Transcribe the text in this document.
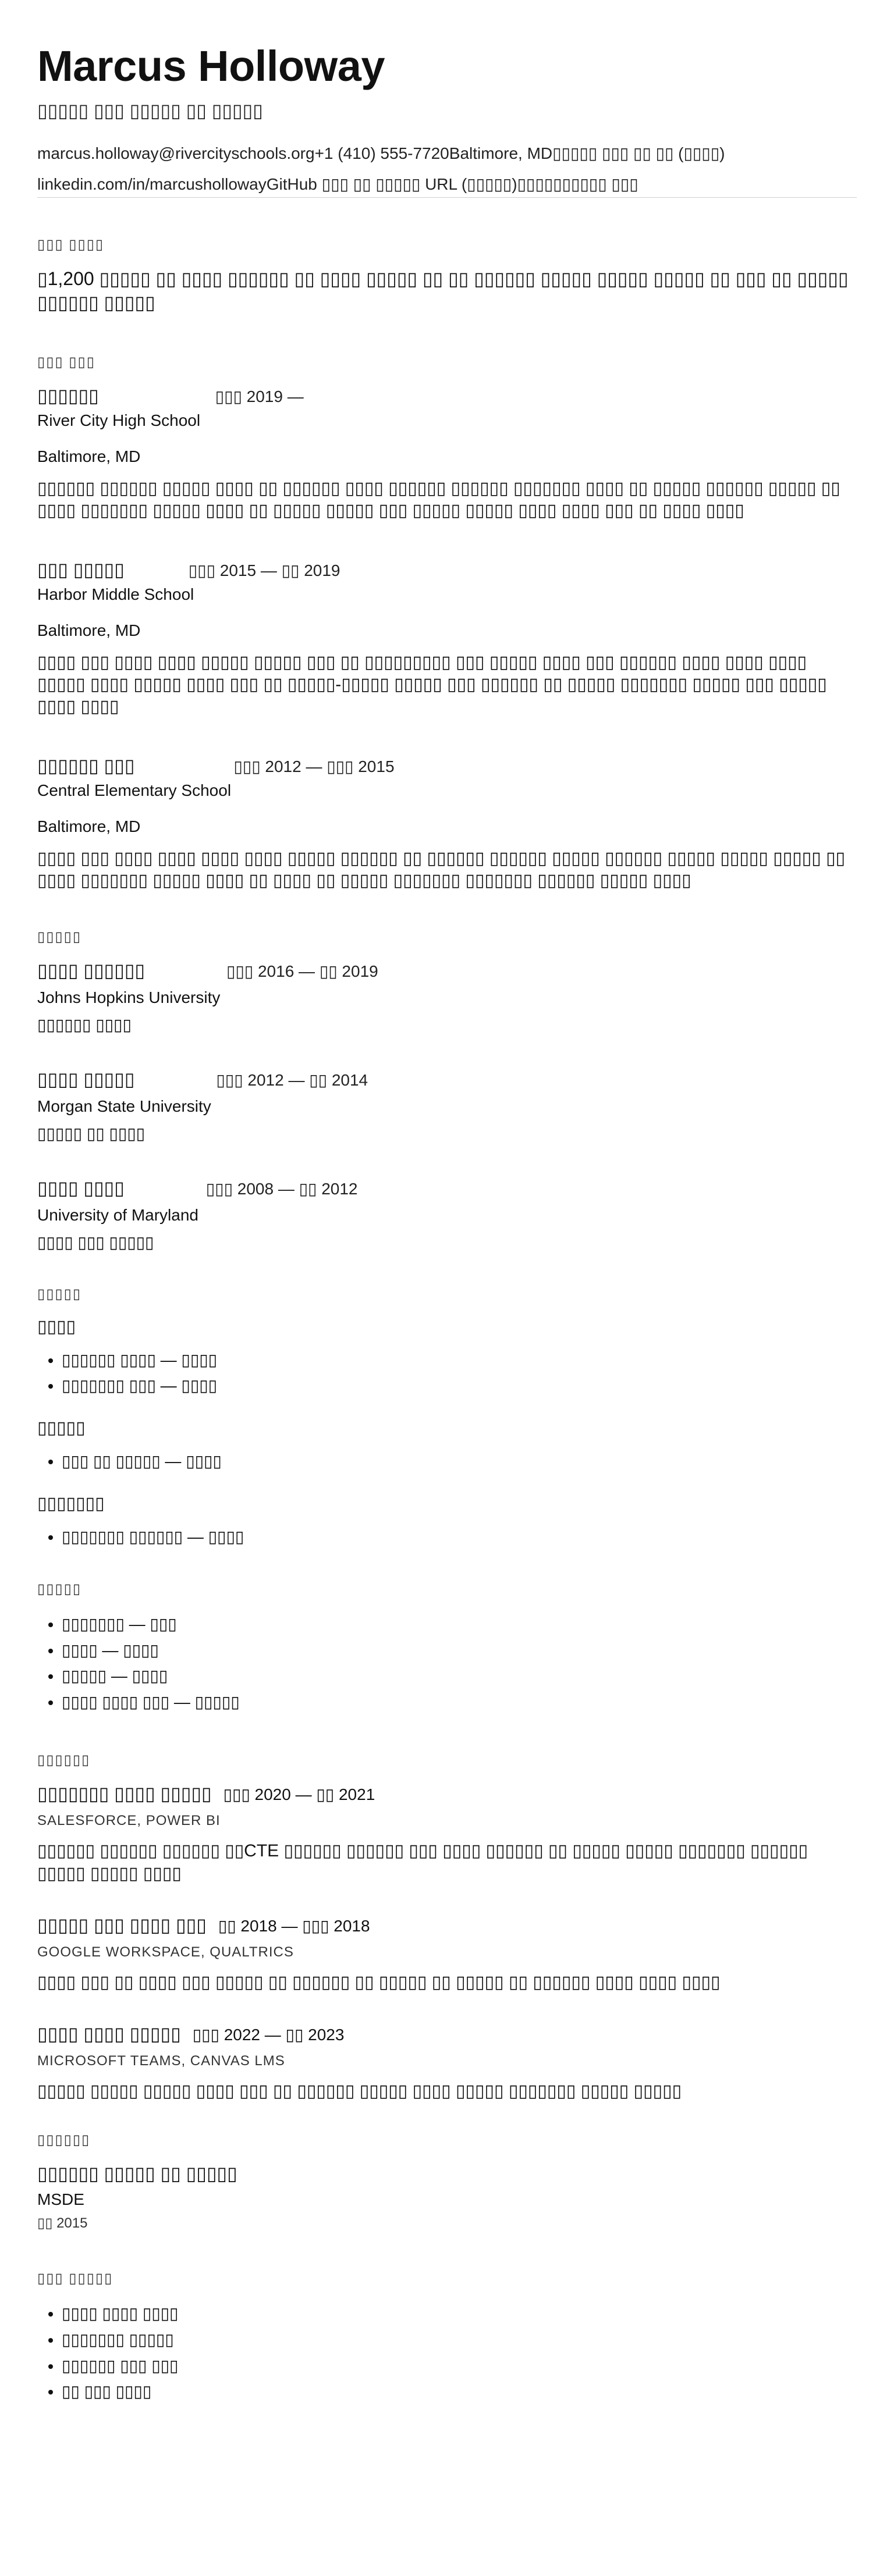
Marcus Holloway
▯▯▯▯▯ ▯▯▯ ▯▯▯▯▯ ▯▯ ▯▯▯▯▯
marcus.holloway@rivercityschools.org+1 (410) 555-7720Baltimore, MD▯▯▯▯▯ ▯▯▯ ▯▯ ▯▯ (▯▯▯▯)
linkedin.com/in/marcushollowayGitHub ▯▯▯ ▯▯ ▯▯▯▯▯ URL (▯▯▯▯▯)▯▯▯▯▯▯▯▯▯▯ ▯▯▯
▯▯▯ ▯▯▯▯
▯1,200 ▯▯▯▯▯ ▯▯ ▯▯▯▯ ▯▯▯▯▯▯ ▯▯ ▯▯▯▯ ▯▯▯▯▯ ▯▯ ▯▯ ▯▯▯▯▯▯ ▯▯▯▯▯ ▯▯▯▯▯ ▯▯▯▯▯ ▯▯ ▯▯▯ ▯▯ ▯▯▯▯▯ ▯▯▯▯▯▯ ▯▯▯▯▯
▯▯▯ ▯▯▯
▯▯▯▯▯▯	▯▯▯ 2019 —
River City High School
Baltimore, MD
▯▯▯▯▯▯ ▯▯▯▯▯▯ ▯▯▯▯▯ ▯▯▯▯ ▯▯ ▯▯▯▯▯▯ ▯▯▯▯ ▯▯▯▯▯▯ ▯▯▯▯▯▯ ▯▯▯▯▯▯▯ ▯▯▯▯ ▯▯ ▯▯▯▯▯ ▯▯▯▯▯▯ ▯▯▯▯▯ ▯▯ ▯▯▯▯ ▯▯▯▯▯▯▯ ▯▯▯▯▯ ▯▯▯▯ ▯▯ ▯▯▯▯▯ ▯▯▯▯▯ ▯▯▯ ▯▯▯▯▯ ▯▯▯▯▯ ▯▯▯▯ ▯▯▯▯ ▯▯▯ ▯▯ ▯▯▯▯ ▯▯▯▯
▯▯▯ ▯▯▯▯▯	▯▯▯ 2015 — ▯▯ 2019
Harbor Middle School
Baltimore, MD
▯▯▯▯ ▯▯▯ ▯▯▯▯ ▯▯▯▯ ▯▯▯▯▯ ▯▯▯▯▯ ▯▯▯ ▯▯ ▯▯▯▯▯▯▯▯▯ ▯▯▯ ▯▯▯▯▯ ▯▯▯▯ ▯▯▯ ▯▯▯▯▯▯ ▯▯▯▯ ▯▯▯▯ ▯▯▯▯ ▯▯▯▯▯ ▯▯▯▯ ▯▯▯▯▯ ▯▯▯▯ ▯▯▯ ▯▯ ▯▯▯▯▯-▯▯▯▯▯ ▯▯▯▯▯ ▯▯▯ ▯▯▯▯▯▯ ▯▯ ▯▯▯▯▯ ▯▯▯▯▯▯▯ ▯▯▯▯▯ ▯▯▯ ▯▯▯▯▯ ▯▯▯▯ ▯▯▯▯
▯▯▯▯▯▯ ▯▯▯	▯▯▯ 2012 — ▯▯▯ 2015
Central Elementary School
Baltimore, MD
▯▯▯▯ ▯▯▯ ▯▯▯▯ ▯▯▯▯ ▯▯▯▯ ▯▯▯▯ ▯▯▯▯▯ ▯▯▯▯▯▯ ▯▯ ▯▯▯▯▯▯ ▯▯▯▯▯▯ ▯▯▯▯▯ ▯▯▯▯▯▯ ▯▯▯▯▯ ▯▯▯▯▯ ▯▯▯▯▯ ▯▯ ▯▯▯▯ ▯▯▯▯▯▯▯ ▯▯▯▯▯ ▯▯▯▯ ▯▯ ▯▯▯▯ ▯▯ ▯▯▯▯▯ ▯▯▯▯▯▯▯ ▯▯▯▯▯▯▯ ▯▯▯▯▯▯ ▯▯▯▯▯ ▯▯▯▯
▯▯▯▯▯
▯▯▯▯ ▯▯▯▯▯▯	▯▯▯ 2016 — ▯▯ 2019
Johns Hopkins University
▯▯▯▯▯▯ ▯▯▯▯
▯▯▯▯ ▯▯▯▯▯	▯▯▯ 2012 — ▯▯ 2014
Morgan State University
▯▯▯▯▯ ▯▯ ▯▯▯▯
▯▯▯▯ ▯▯▯▯	▯▯▯ 2008 — ▯▯ 2012
University of Maryland
▯▯▯▯ ▯▯▯ ▯▯▯▯▯
▯▯▯▯▯
▯▯▯▯
• ▯▯▯▯▯▯ ▯▯▯▯ — ▯▯▯▯
• ▯▯▯▯▯▯▯ ▯▯▯ — ▯▯▯▯
▯▯▯▯▯
• ▯▯▯ ▯▯ ▯▯▯▯▯ — ▯▯▯▯
▯▯▯▯▯▯▯
• ▯▯▯▯▯▯▯ ▯▯▯▯▯▯ — ▯▯▯▯
▯▯▯▯▯
• ▯▯▯▯▯▯▯ — ▯▯▯
• ▯▯▯▯ — ▯▯▯▯
• ▯▯▯▯▯ — ▯▯▯▯
• ▯▯▯▯ ▯▯▯▯ ▯▯▯ — ▯▯▯▯▯
▯▯▯▯▯▯
▯▯▯▯▯▯▯ ▯▯▯▯ ▯▯▯▯▯ ▯▯▯ 2020 — ▯▯ 2021
SALESFORCE, POWER BI
▯▯▯▯▯▯ ▯▯▯▯▯▯ ▯▯▯▯▯▯ ▯▯CTE ▯▯▯▯▯▯ ▯▯▯▯▯▯ ▯▯▯ ▯▯▯▯ ▯▯▯▯▯▯ ▯▯ ▯▯▯▯▯ ▯▯▯▯▯ ▯▯▯▯▯▯▯ ▯▯▯▯▯▯ ▯▯▯▯▯ ▯▯▯▯▯ ▯▯▯▯
▯▯▯▯▯ ▯▯▯ ▯▯▯▯ ▯▯▯ ▯▯ 2018 — ▯▯▯ 2018
GOOGLE WORKSPACE, QUALTRICS
▯▯▯▯ ▯▯▯ ▯▯ ▯▯▯▯ ▯▯▯ ▯▯▯▯▯ ▯▯ ▯▯▯▯▯▯ ▯▯ ▯▯▯▯▯ ▯▯ ▯▯▯▯▯ ▯▯ ▯▯▯▯▯▯ ▯▯▯▯ ▯▯▯▯ ▯▯▯▯
▯▯▯▯ ▯▯▯▯ ▯▯▯▯▯ ▯▯▯ 2022 — ▯▯ 2023
MICROSOFT TEAMS, CANVAS LMS
▯▯▯▯▯ ▯▯▯▯▯ ▯▯▯▯▯ ▯▯▯▯ ▯▯▯ ▯▯ ▯▯▯▯▯▯ ▯▯▯▯▯ ▯▯▯▯ ▯▯▯▯▯ ▯▯▯▯▯▯▯ ▯▯▯▯▯ ▯▯▯▯▯
▯▯▯▯▯▯
▯▯▯▯▯▯ ▯▯▯▯▯ ▯▯ ▯▯▯▯▯
MSDE
▯▯ 2015
▯▯▯ ▯▯▯▯▯
• ▯▯▯▯ ▯▯▯▯ ▯▯▯▯
• ▯▯▯▯▯▯▯ ▯▯▯▯▯
• ▯▯▯▯▯▯ ▯▯▯ ▯▯▯
• ▯▯ ▯▯▯ ▯▯▯▯
